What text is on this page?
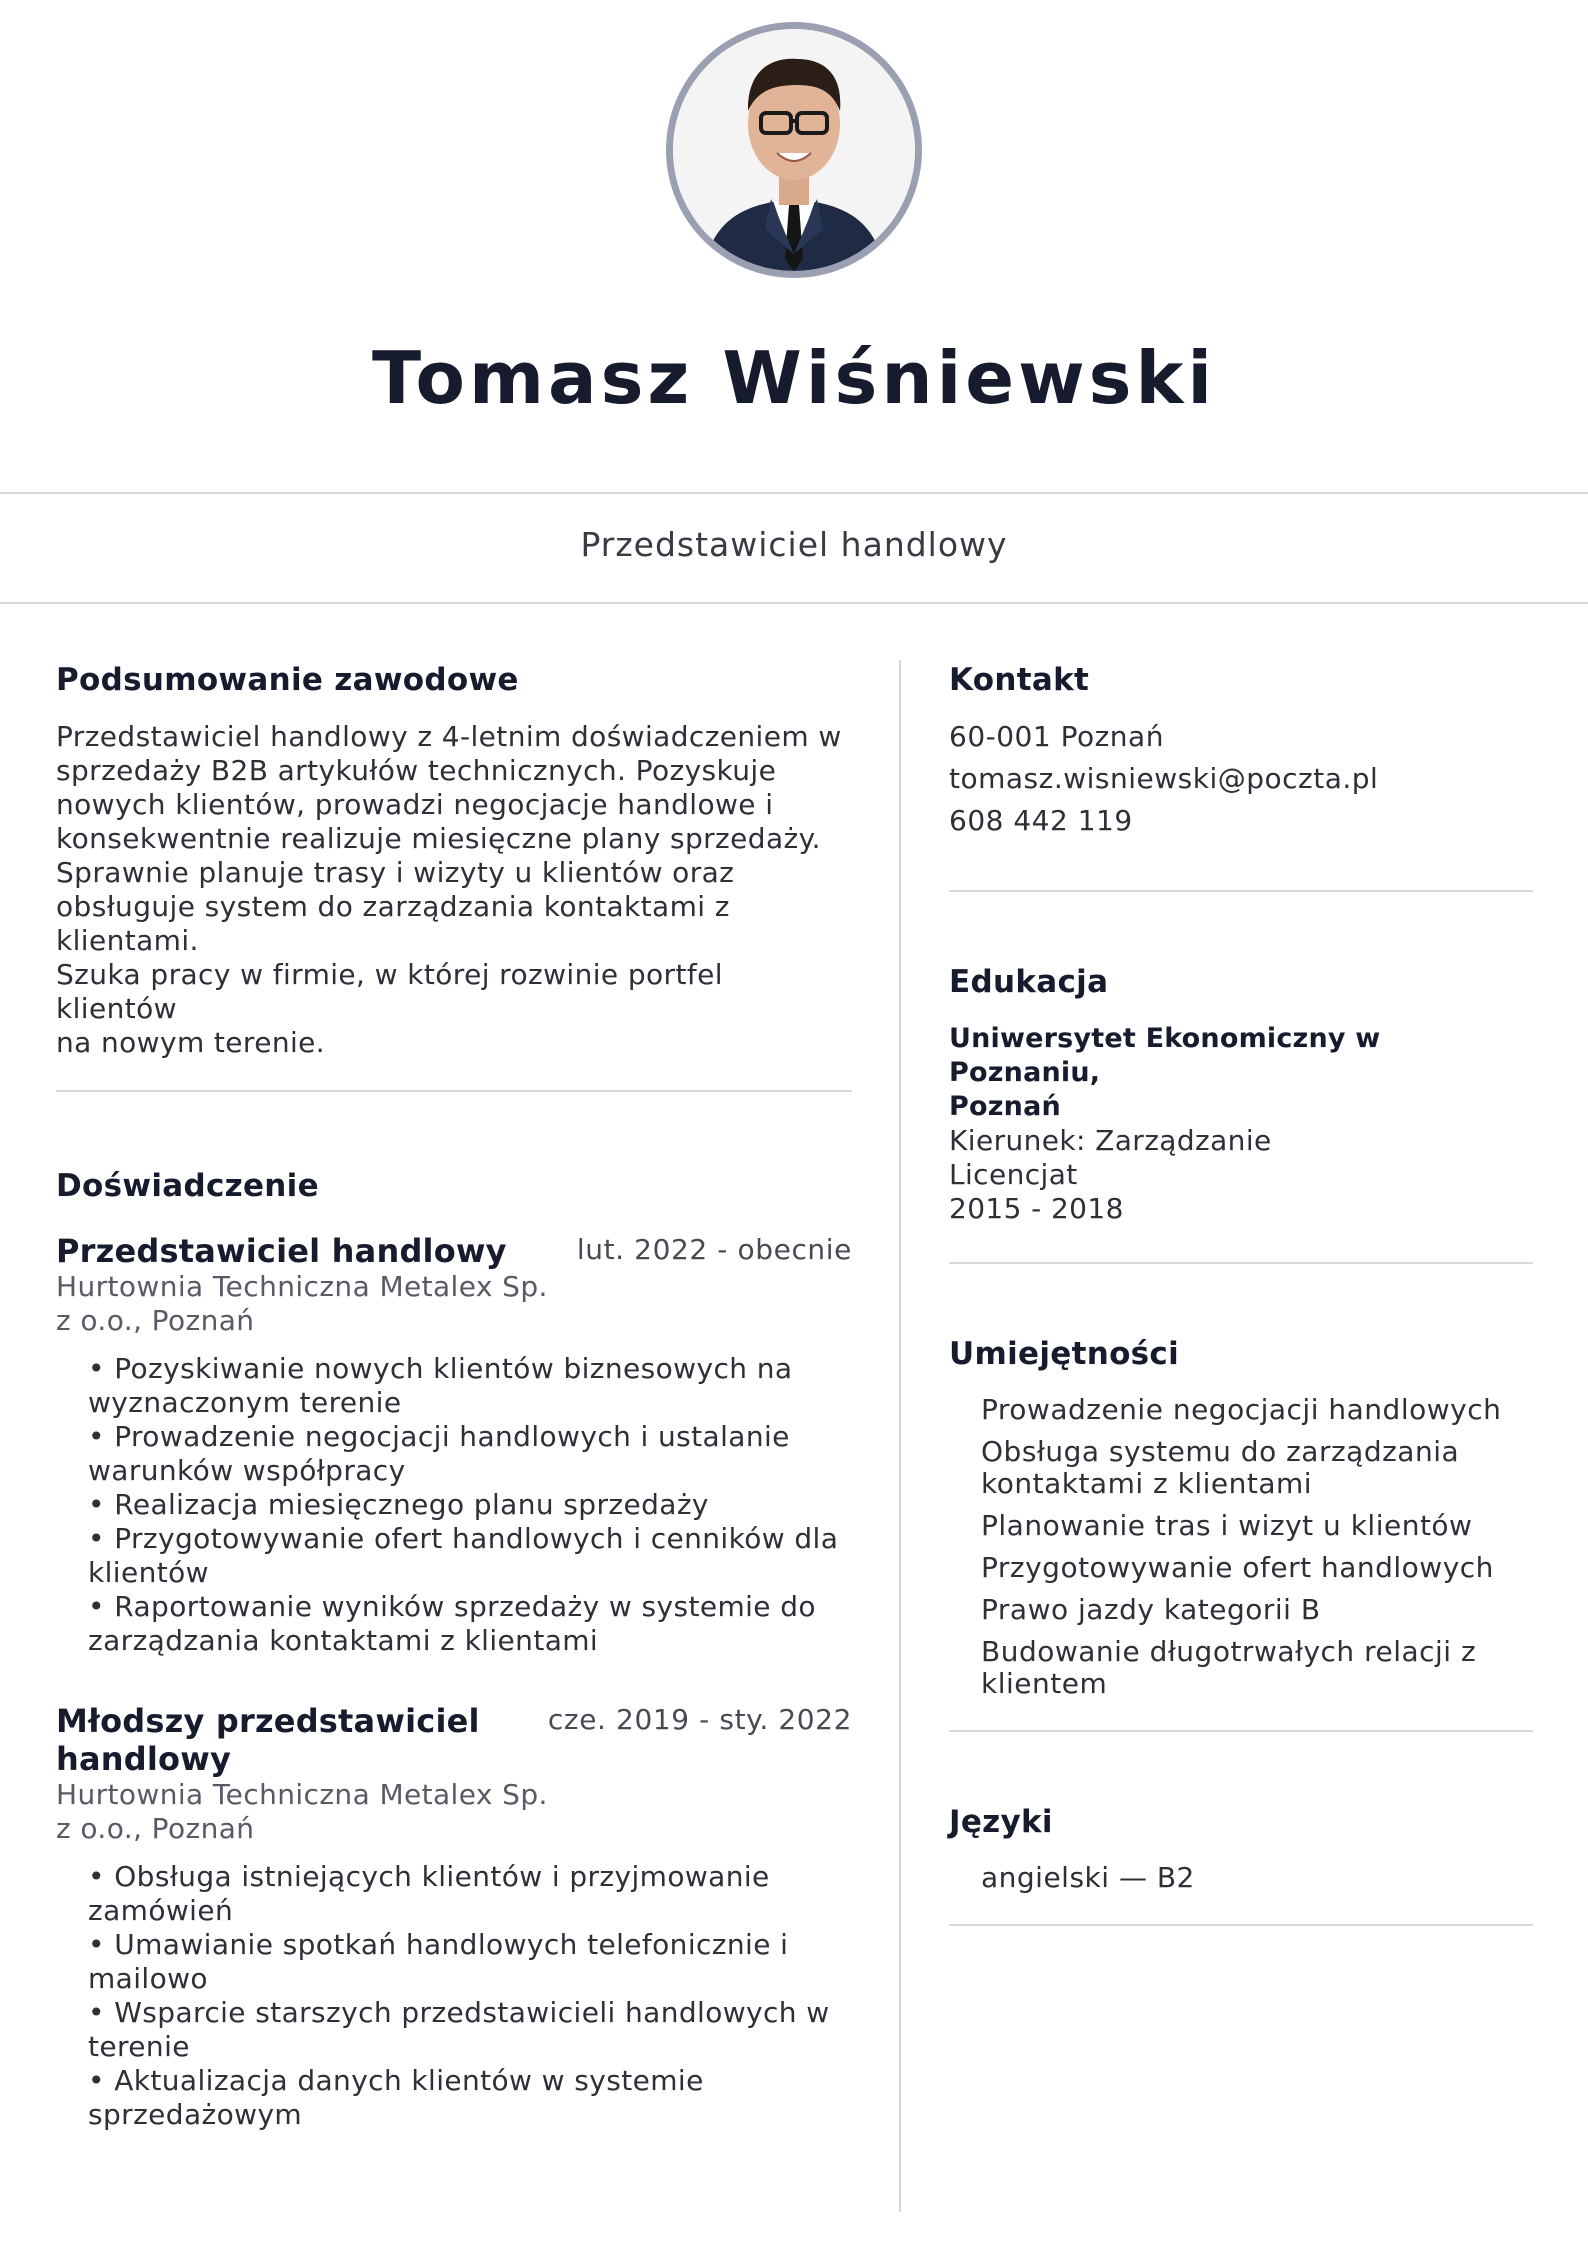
Tomasz Wiśniewski
Przedstawiciel handlowy
Podsumowanie zawodowe
Przedstawiciel handlowy z 4-letnim doświadczeniem w
sprzedaży B2B artykułów technicznych. Pozyskuje
nowych klientów, prowadzi negocjacje handlowe i
konsekwentnie realizuje miesięczne plany sprzedaży.
Sprawnie planuje trasy i wizyty u klientów oraz
obsługuje system do zarządzania kontaktami z klientami.
Szuka pracy w firmie, w której rozwinie portfel klientów
na nowym terenie.
Doświadczenie
Przedstawiciel handlowy	lut. 2022 - obecnie
Hurtownia Techniczna Metalex Sp.
z o.o., Poznań
• Pozyskiwanie nowych klientów biznesowych na
wyznaczonym terenie
• Prowadzenie negocjacji handlowych i ustalanie
warunków współpracy
• Realizacja miesięcznego planu sprzedaży
• Przygotowywanie ofert handlowych i cenników dla
klientów
• Raportowanie wyników sprzedaży w systemie do
zarządzania kontaktami z klientami
Młodszy przedstawiciel
handlowy
cze. 2019 - sty. 2022
Hurtownia Techniczna Metalex Sp.
z o.o., Poznań
• Obsługa istniejących klientów i przyjmowanie
zamówień
• Umawianie spotkań handlowych telefonicznie i
mailowo
• Wsparcie starszych przedstawicieli handlowych w
terenie
• Aktualizacja danych klientów w systemie
sprzedażowym
Kontakt
60-001 Poznań
tomasz.wisniewski@poczta.pl
608 442 119
Edukacja
Uniwersytet Ekonomiczny w Poznaniu,
Poznań
Kierunek: Zarządzanie
Licencjat
2015 - 2018
Umiejętności
Prowadzenie negocjacji handlowych
Obsługa systemu do zarządzania
kontaktami z klientami
Planowanie tras i wizyt u klientów
Przygotowywanie ofert handlowych
Prawo jazdy kategorii B
Budowanie długotrwałych relacji z
klientem
Języki
angielski — B2
